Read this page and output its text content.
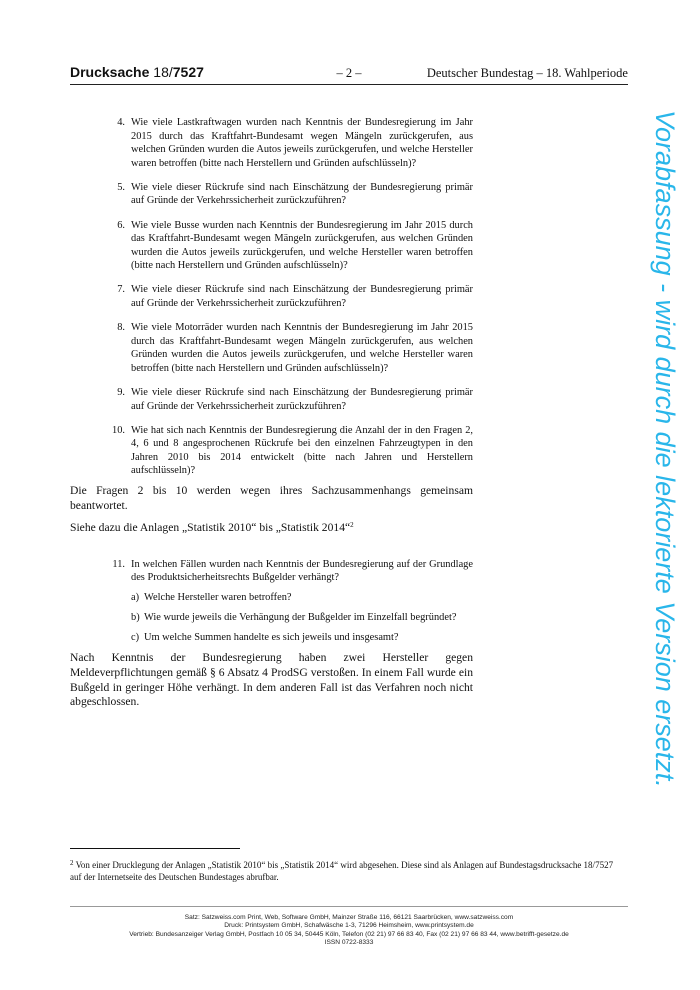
Drucksache 18/7527	– 2 –	Deutscher Bundestag – 18. Wahlperiode
Vorabfassung - wird durch die lektorierte Version ersetzt.
4. Wie viele Lastkraftwagen wurden nach Kenntnis der Bundesregierung im Jahr 2015 durch das Kraftfahrt-Bundesamt wegen Mängeln zurückgerufen, aus welchen Gründen wurden die Autos jeweils zurückgerufen, und welche Hersteller waren betroffen (bitte nach Herstellern und Gründen aufschlüsseln)?
5. Wie viele dieser Rückrufe sind nach Einschätzung der Bundesregierung primär auf Gründe der Verkehrssicherheit zurückzuführen?
6. Wie viele Busse wurden nach Kenntnis der Bundesregierung im Jahr 2015 durch das Kraftfahrt-Bundesamt wegen Mängeln zurückgerufen, aus welchen Gründen wurden die Autos jeweils zurückgerufen, und welche Hersteller waren betroffen (bitte nach Herstellern und Gründen aufschlüsseln)?
7. Wie viele dieser Rückrufe sind nach Einschätzung der Bundesregierung primär auf Gründe der Verkehrssicherheit zurückzuführen?
8. Wie viele Motorräder wurden nach Kenntnis der Bundesregierung im Jahr 2015 durch das Kraftfahrt-Bundesamt wegen Mängeln zurückgerufen, aus welchen Gründen wurden die Autos jeweils zurückgerufen, und welche Hersteller waren betroffen (bitte nach Herstellern und Gründen aufschlüsseln)?
9. Wie viele dieser Rückrufe sind nach Einschätzung der Bundesregierung primär auf Gründe der Verkehrssicherheit zurückzuführen?
10. Wie hat sich nach Kenntnis der Bundesregierung die Anzahl der in den Fragen 2, 4, 6 und 8 angesprochenen Rückrufe bei den einzelnen Fahrzeugtypen in den Jahren 2010 bis 2014 entwickelt (bitte nach Jahren und Herstellern aufschlüsseln)?
Die Fragen 2 bis 10 werden wegen ihres Sachzusammenhangs gemeinsam beantwortet.
Siehe dazu die Anlagen „Statistik 2010“ bis „Statistik 2014“$^2$
11. In welchen Fällen wurden nach Kenntnis der Bundesregierung auf der Grundlage des Produktsicherheitsrechts Bußgelder verhängt?
a) Welche Hersteller waren betroffen?
b) Wie wurde jeweils die Verhängung der Bußgelder im Einzelfall begründet?
c) Um welche Summen handelte es sich jeweils und insgesamt?
Nach Kenntnis der Bundesregierung haben zwei Hersteller gegen Meldeverpflichtungen gemäß § 6 Absatz 4 ProdSG verstoßen. In einem Fall wurde ein Bußgeld in geringer Höhe verhängt. In dem anderen Fall ist das Verfahren noch nicht abgeschlossen.
$^2$ Von einer Drucklegung der Anlagen „Statistik 2010“ bis „Statistik 2014“ wird abgesehen. Diese sind als Anlagen auf Bundestagsdrucksache 18/7527 auf der Internetseite des Deutschen Bundestages abrufbar.
Satz: Satzweiss.com Print, Web, Software GmbH, Mainzer Straße 116, 66121 Saarbrücken, www.satzweiss.com
Druck: Printsystem GmbH, Schafwäsche 1-3, 71296 Heimsheim, www.printsystem.de
Vertrieb: Bundesanzeiger Verlag GmbH, Postfach 10 05 34, 50445 Köln, Telefon (02 21) 97 66 83 40, Fax (02 21) 97 66 83 44, www.betrifft-gesetze.de
ISSN 0722-8333
